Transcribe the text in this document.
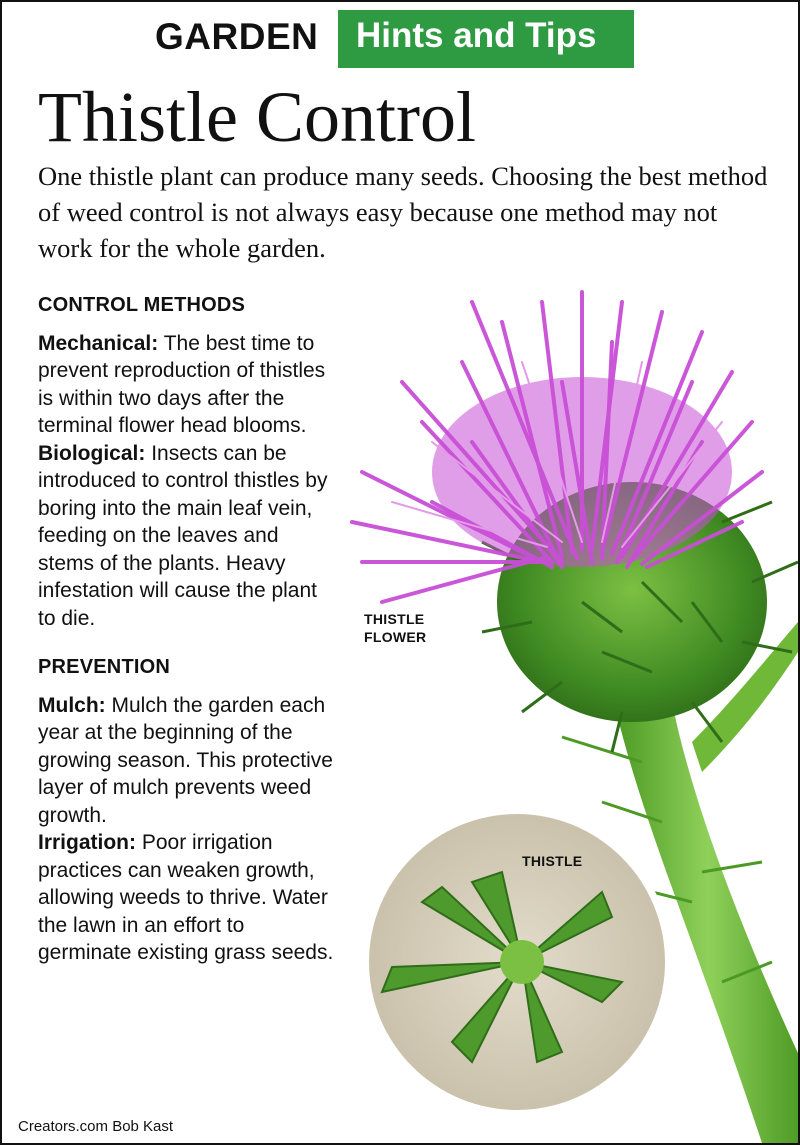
GARDEN Hints and Tips
Thistle Control
One thistle plant can produce many seeds. Choosing the best method of weed control is not always easy because one method may not work for the whole garden.
CONTROL METHODS

Mechanical: The best time to prevent reproduction of thistles is within two days after the terminal flower head blooms.

Biological: Insects can be introduced to control thistles by boring into the main leaf vein, feeding on the leaves and stems of the plants. Heavy infestation will cause the plant to die.

PREVENTION

Mulch: Mulch the garden each year at the beginning of the growing season. This protective layer of mulch prevents weed growth.

Irrigation: Poor irrigation practices can weaken growth, allowing weeds to thrive. Water the lawn in an effort to germinate existing grass seeds.

THISTLE
FLOWER
THISTLE
Creators.com Bob Kast
